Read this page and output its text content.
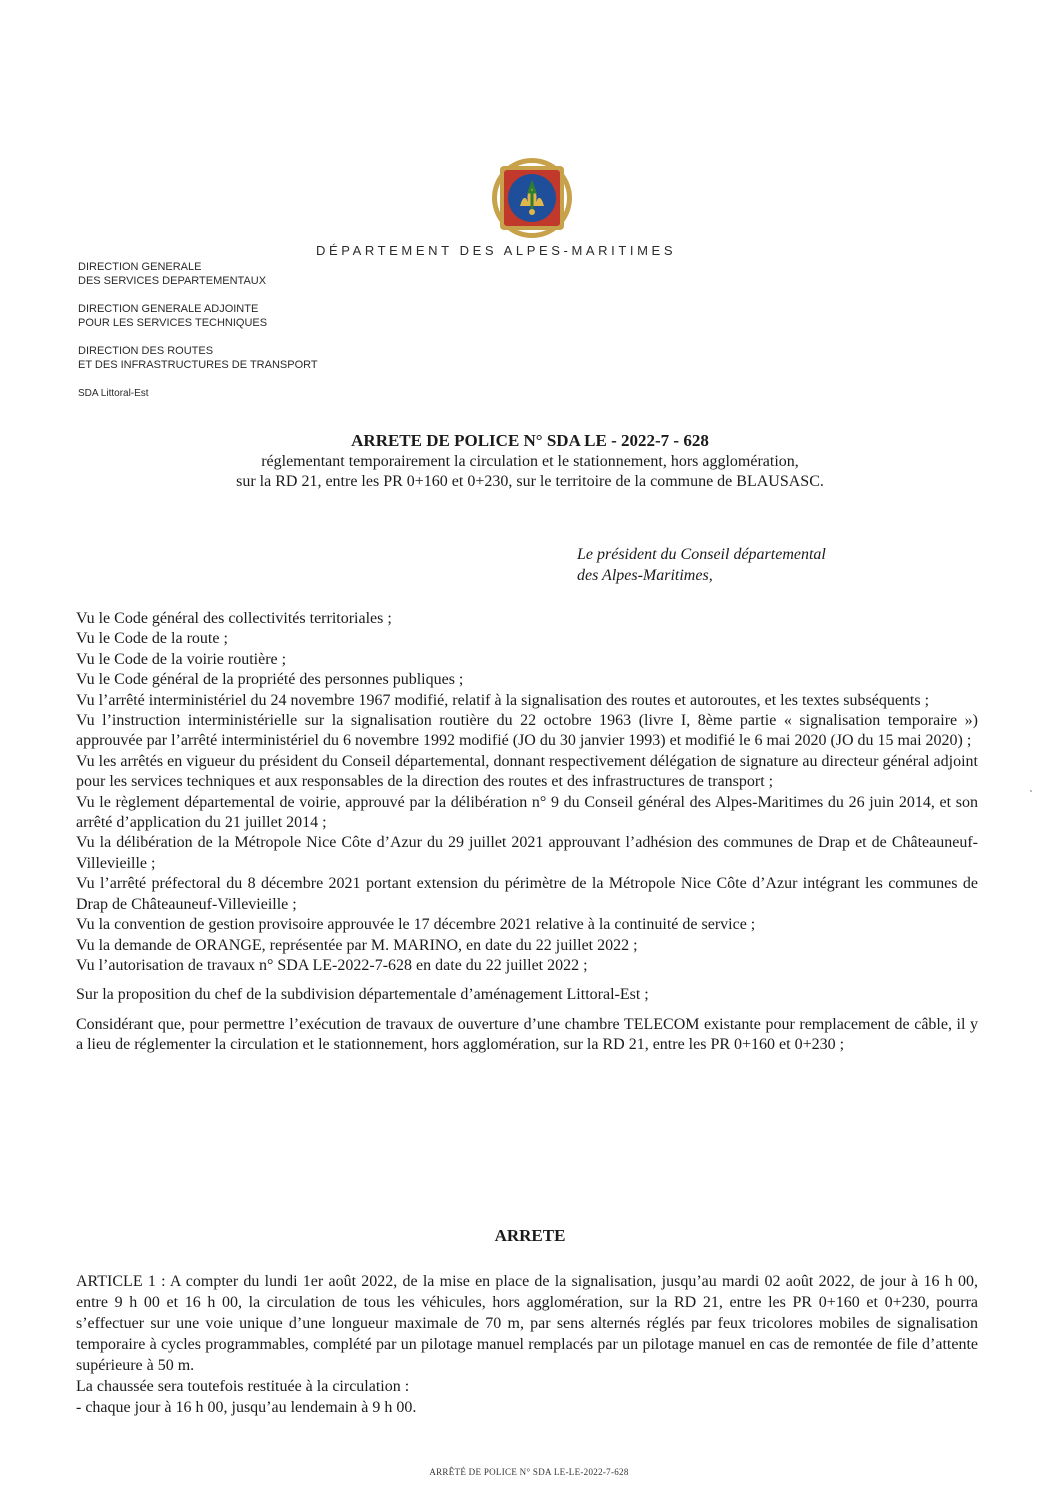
DÉPARTEMENT DES ALPES-MARITIMES
DIRECTION GENERALE
DES SERVICES DEPARTEMENTAUX
DIRECTION GENERALE ADJOINTE
POUR LES SERVICES TECHNIQUES
DIRECTION DES ROUTES
ET DES INFRASTRUCTURES DE TRANSPORT
SDA Littoral-Est
ARRETE DE POLICE N° SDA LE - 2022-7 - 628
réglementant temporairement la circulation et le stationnement, hors agglomération,
sur la RD 21, entre les PR 0+160 et 0+230, sur le territoire de la commune de BLAUSASC.
Le président du Conseil départemental
des Alpes-Maritimes,

Vu le Code général des collectivités territoriales ;

Vu le Code de la route ;

Vu le Code de la voirie routière ;

Vu le Code général de la propriété des personnes publiques ;

Vu l’arrêté interministériel du 24 novembre 1967 modifié, relatif à la signalisation des routes et autoroutes, et les textes subséquents ;

Vu l’instruction interministérielle sur la signalisation routière du 22 octobre 1963 (livre I, 8ème partie « signalisation temporaire ») approuvée par l’arrêté interministériel du 6 novembre 1992 modifié (JO du 30 janvier 1993) et modifié le 6 mai 2020 (JO du 15 mai 2020) ;

Vu les arrêtés en vigueur du président du Conseil départemental, donnant respectivement délégation de signature au directeur général adjoint pour les services techniques et aux responsables de la direction des routes et des infrastructures de transport ;

Vu le règlement départemental de voirie, approuvé par la délibération n° 9 du Conseil général des Alpes-Maritimes du 26 juin 2014, et son arrêté d’application du 21 juillet 2014 ;

Vu la délibération de la Métropole Nice Côte d’Azur du 29 juillet 2021 approuvant l’adhésion des communes de Drap et de Châteauneuf-Villevieille ;

Vu l’arrêté préfectoral du 8 décembre 2021 portant extension du périmètre de la Métropole Nice Côte d’Azur intégrant les communes de Drap de Châteauneuf-Villevieille ;

Vu la convention de gestion provisoire approuvée le 17 décembre 2021 relative à la continuité de service ;

Vu la demande de ORANGE, représentée par M. MARINO, en date du 22 juillet 2022 ;

Vu l’autorisation de travaux n° SDA LE-2022-7-628 en date du 22 juillet 2022 ;

Sur la proposition du chef de la subdivision départementale d’aménagement Littoral-Est ;

Considérant que, pour permettre l’exécution de travaux de ouverture d’une chambre TELECOM existante pour remplacement de câble, il y a lieu de réglementer la circulation et le stationnement, hors agglomération, sur la RD 21, entre les PR 0+160 et 0+230 ;

ARRETE

ARTICLE 1 : A compter du lundi 1er août 2022, de la mise en place de la signalisation, jusqu’au mardi 02 août 2022, de jour à 16 h 00, entre 9 h 00 et 16 h 00, la circulation de tous les véhicules, hors agglomération, sur la RD 21, entre les PR 0+160 et 0+230, pourra s’effectuer sur une voie unique d’une longueur maximale de 70 m, par sens alternés réglés par feux tricolores mobiles de signalisation temporaire à cycles programmables, complété par un pilotage manuel remplacés par un pilotage manuel en cas de remontée de file d’attente supérieure à 50 m.

La chaussée sera toutefois restituée à la circulation :

- chaque jour à 16 h 00, jusqu’au lendemain à 9 h 00.

ARRÊTÉ DE POLICE N° SDA LE-LE-2022-7-628
